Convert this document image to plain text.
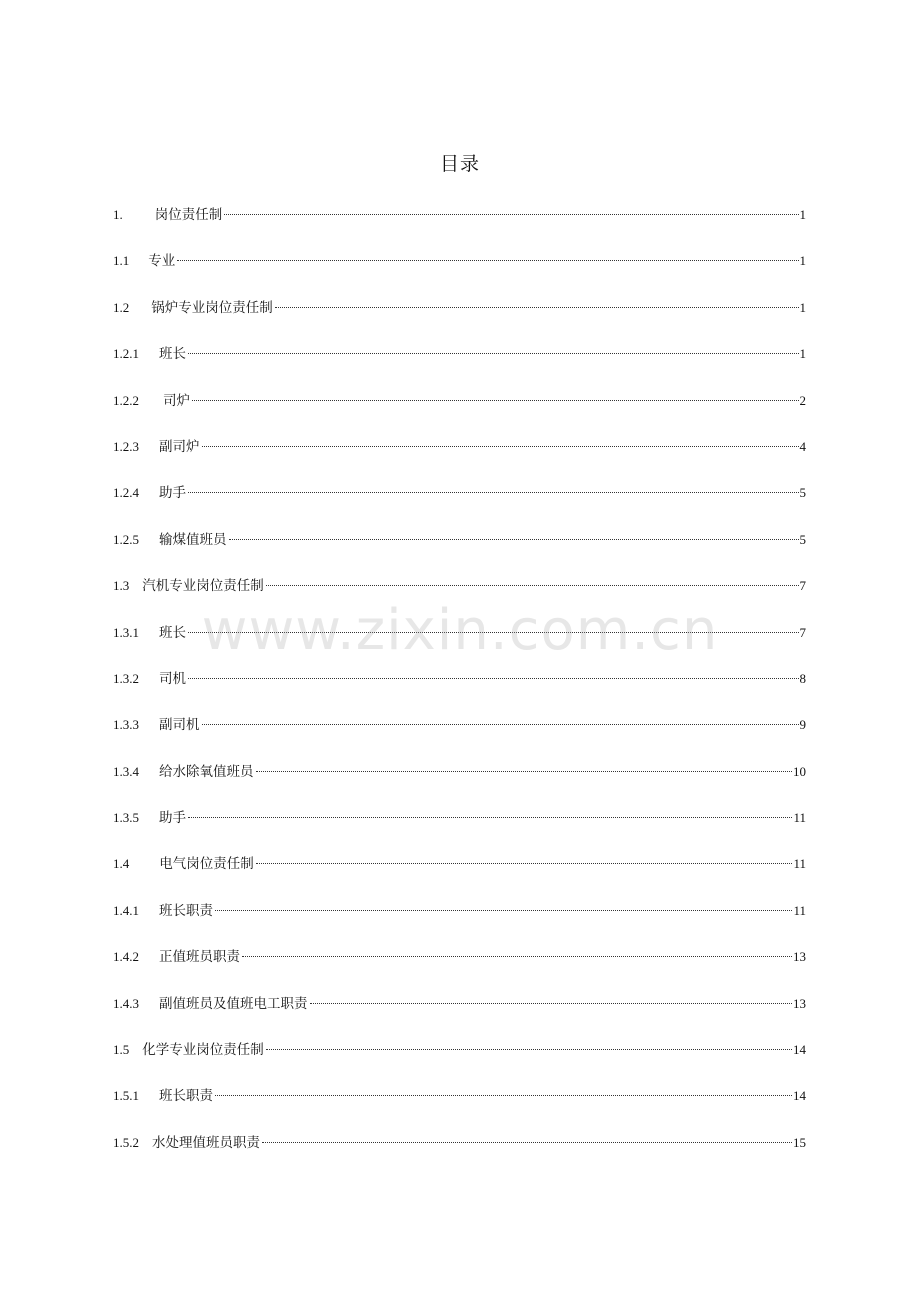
目录
1. 岗位责任制	1
1.1 专业	1
1.2 锅炉专业岗位责任制	1
1.2.1 班长	1
1.2.2 司炉	2
1.2.3 副司炉	4
1.2.4 助手	5
1.2.5 输煤值班员	5
1.3 汽机专业岗位责任制	7
1.3.1 班长	7
1.3.2 司机	8
1.3.3 副司机	9
1.3.4 给水除氧值班员	10
1.3.5 助手	11
1.4 电气岗位责任制	11
1.4.1 班长职责	11
1.4.2 正值班员职责	13
1.4.3 副值班员及值班电工职责	13
1.5 化学专业岗位责任制	14
1.5.1 班长职责	14
1.5.2 水处理值班员职责	15
www.zixin.com.cn
